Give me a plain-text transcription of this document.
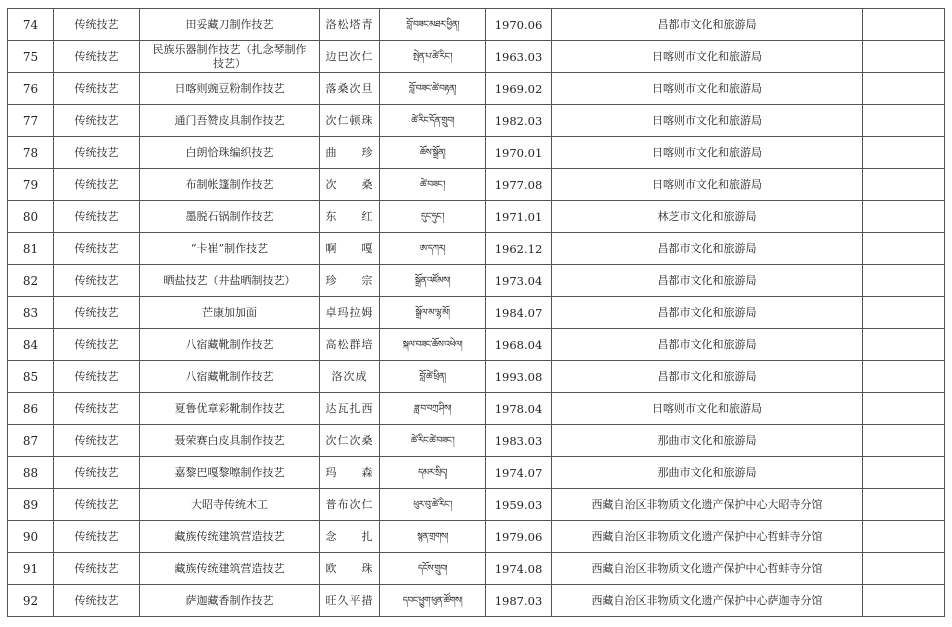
74	传统技艺	田妥藏刀制作技艺	洛松塔青	བློ་བཟང་མཐར་ཕྱིན།	1970.06	昌都市文化和旅游局	
75	传统技艺	民族乐器制作技艺（扎念琴制作技艺）	边巴次仁	སྤེན་པ་ཚེ་རིང་།	1963.03	日喀则市文化和旅游局	
76	传统技艺	日喀则豌豆粉制作技艺	落桑次旦	བློ་བཟང་ཚེ་བརྟན།	1969.02	日喀则市文化和旅游局	
77	传统技艺	通门吾赞皮具制作技艺	次仁顿珠	ཚེ་རིང་དོན་གྲུབ།	1982.03	日喀则市文化和旅游局	
78	传统技艺	白朗恰珠编织技艺	曲　　珍	ཆོས་སྒྲོན།	1970.01	日喀则市文化和旅游局	
79	传统技艺	布制帐篷制作技艺	次　　桑	ཚེ་བཟང་།	1977.08	日喀则市文化和旅游局	
80	传统技艺	墨脱石锅制作技艺	东　　红	དུང་ཧུང་།	1971.01	林芝市文化和旅游局	
81	传统技艺	“卡崔”制作技艺	啊　　嘎	ཨ་དཀར།	1962.12	昌都市文化和旅游局	
82	传统技艺	晒盐技艺（井盐晒制技艺）	珍　　宗	སྒྲོན་འཛོམས།	1973.04	昌都市文化和旅游局	
83	传统技艺	芒康加加面	卓玛拉姆	སྒྲོལ་མ་ལྷ་མོ།	1984.07	昌都市文化和旅游局	
84	传统技艺	八宿藏靴制作技艺	高松群培	སྐལ་བཟང་ཆོས་འཕེལ།	1968.04	昌都市文化和旅游局	
85	传统技艺	八宿藏靴制作技艺	洛次成	བློ་ཚེ་ཕྲིན།	1993.08	昌都市文化和旅游局	
86	传统技艺	夏鲁优章彩靴制作技艺	达瓦扎西	ཟླ་བ་བཀྲ་ཤིས།	1978.04	日喀则市文化和旅游局	
87	传统技艺	聂荣赛白皮具制作技艺	次仁次桑	ཚེ་རིང་ཚེ་བཟང་།	1983.03	那曲市文化和旅游局	
88	传统技艺	嘉黎巴嘎黎嚓制作技艺	玛　　森	དམར་སྲིད།	1974.07	那曲市文化和旅游局	
89	传统技艺	大昭寺传统木工	普布次仁	ཕུར་བུ་ཚེ་རིང་།	1959.03	西藏自治区非物质文化遗产保护中心大昭寺分馆	
90	传统技艺	藏族传统建筑营造技艺	念　　扎	སྙན་གྲགས།	1979.06	西藏自治区非物质文化遗产保护中心哲蚌寺分馆	
91	传统技艺	藏族传统建筑营造技艺	欧　　珠	དངོས་གྲུབ།	1974.08	西藏自治区非物质文化遗产保护中心哲蚌寺分馆	
92	传统技艺	萨迦藏香制作技艺	旺久平措	དབང་ཕྱུག་ཕུན་ཚོགས།	1987.03	西藏自治区非物质文化遗产保护中心萨迦寺分馆	
